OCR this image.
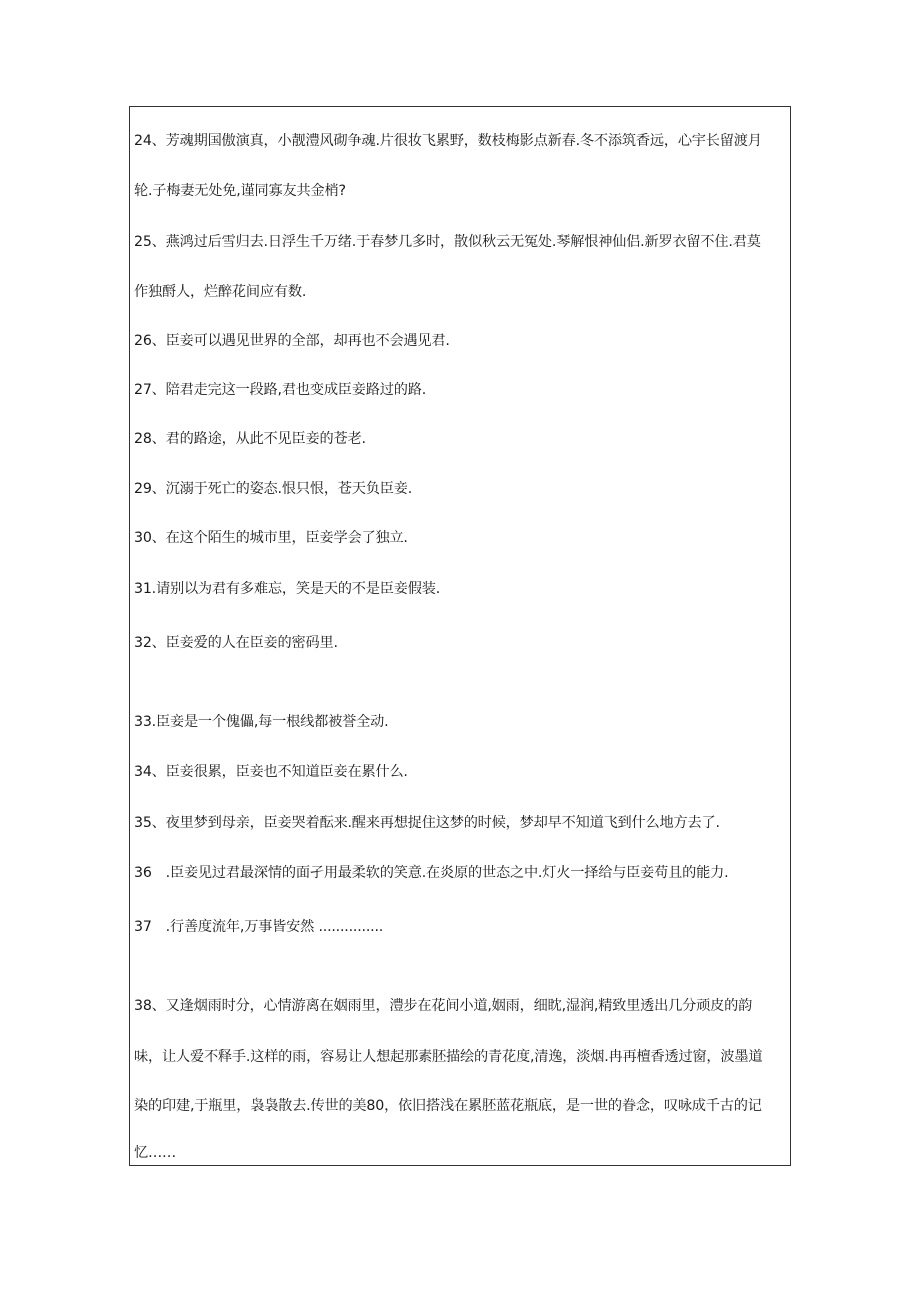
24、芳魂期国傲演真，小靓澧风砌争魂.片很妆飞累野，数枝梅影点新春.冬不添筑香远，心宇长留渡月
轮.子梅妻无处免,谨同寡友共金梢?
25、燕鸿过后雪归去.日浮生千万绪.于春梦几多时，散似秋云无冤处.琴解恨神仙侣.新罗衣留不住.君莫
作独酹人，烂醉花间应有数.
26、臣妾可以遇见世界的全部，却再也不会遇见君.
27、陪君走完这一段路,君也变成臣妾路过的路.
28、君的路途，从此不见臣妾的苍老.
29、沉溺于死亡的姿态.恨只恨，苍天负臣妾.
30、在这个陌生的城市里，臣妾学会了独立.
31.请别以为君有多难忘，笑是天的不是臣妾假装.
32、臣妾爱的人在臣妾的密码里.
33.臣妾是一个傀儡,每一根线都被誉全动.
34、臣妾很累，臣妾也不知道臣妾在累什么.
35、夜里梦到母亲，臣妾哭着酝来.醒来再想捉住这梦的时候，梦却早不知道飞到什么地方去了.
36　.臣妾见过君最深情的面孑用最柔软的笑意.在炎原的世态之中.灯火一择给与臣妾苟且的能力.
37　.行善度流年,万事皆安然 ...............
38、又逢烟雨时分，心情游离在姻雨里，澧步在花间小道,姻雨，细眈,湿润,精致里透出几分顽皮的韵
味，让人爱不释手.这样的雨，容易让人想起那素胚描绘的青花度,清逸，淡烟.冉再檀香透过窗，波墨道
染的印建,于瓶里，袅袅散去.传世的美80，依旧搭浅在累胚蓝花瓶底，是一世的眷念，叹咏成千古的记
忆……
